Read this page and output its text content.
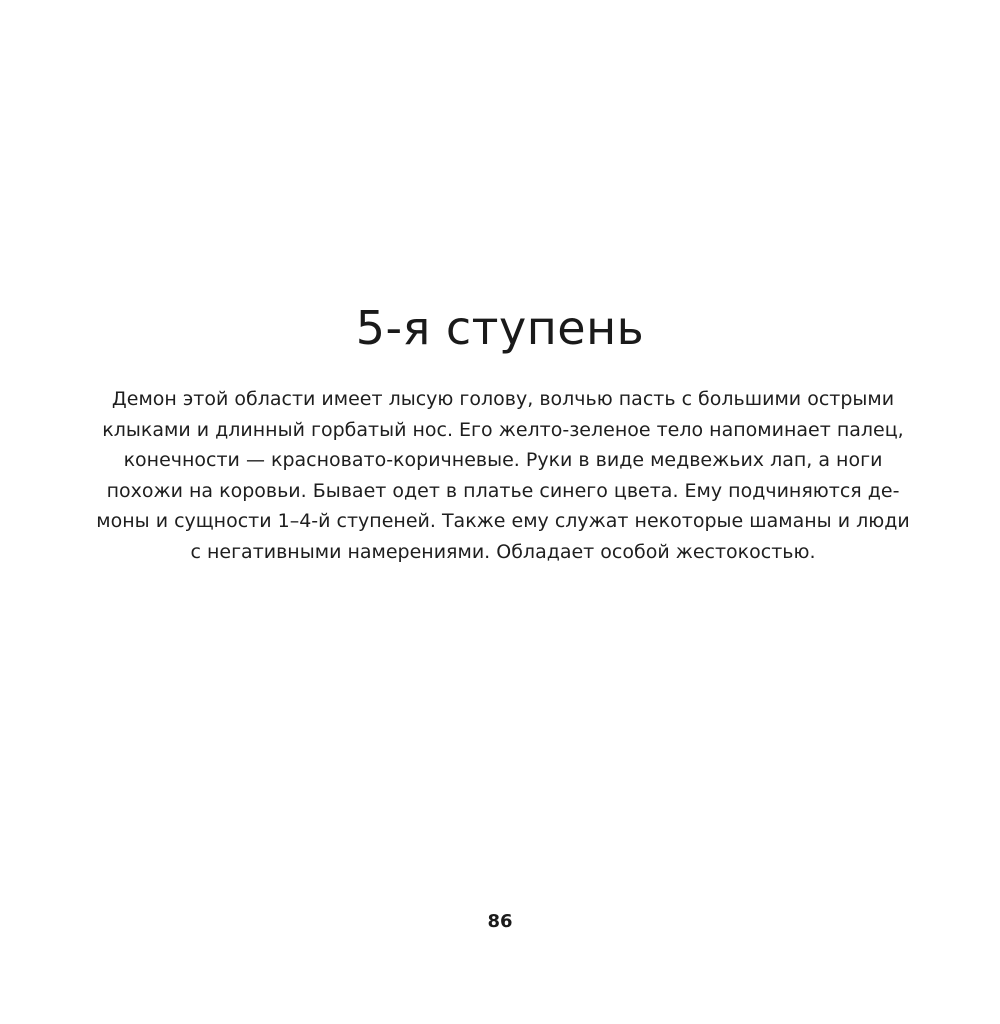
5-я ступень

Демон этой области имеет лысую голову, волчью пасть с большими острыми
клыками и длинный горбатый нос. Его желто-зеленое тело напоминает палец,
конечности — красновато-коричневые. Руки в виде медвежьих лап, а ноги
похожи на коровьи. Бывает одет в платье синего цвета. Ему подчиняются де-
моны и сущности 1–4-й ступеней. Также ему служат некоторые шаманы и люди
с негативными намерениями. Обладает особой жестокостью.

86
